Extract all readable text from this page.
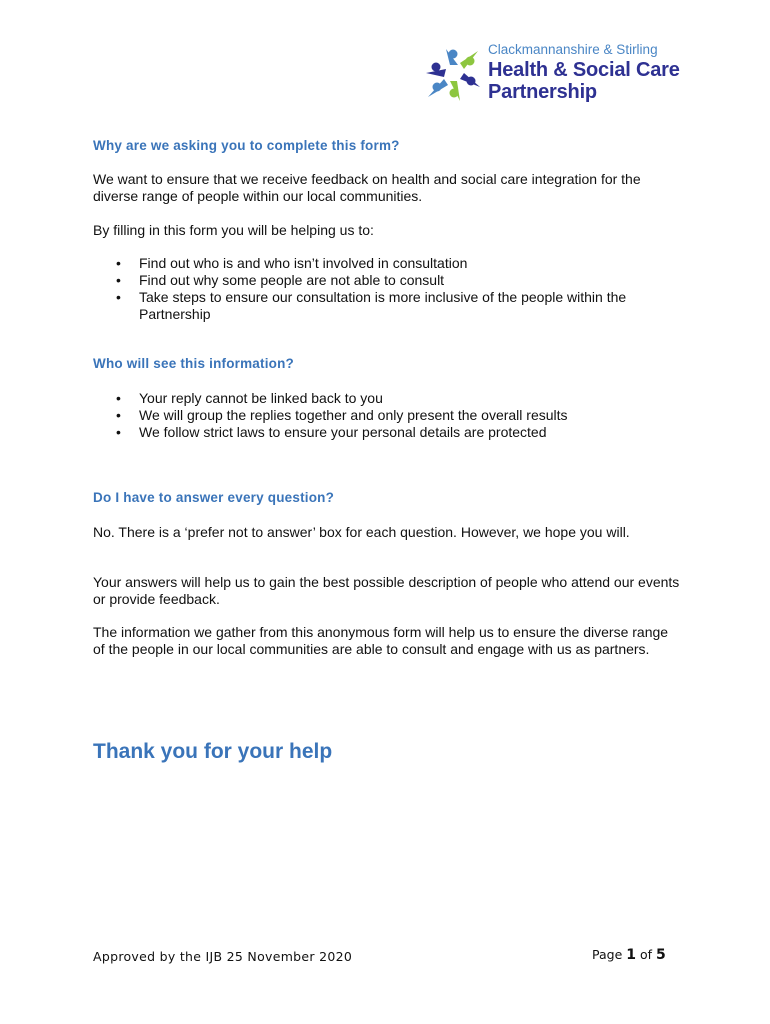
Clackmannanshire & Stirling
Health & Social Care
Partnership
Why are we asking you to complete this form?
We want to ensure that we receive feedback on health and social care integration for the diverse range of people within our local communities.
By filling in this form you will be helping us to:
• Find out who is and who isn’t involved in consultation
• Find out why some people are not able to consult
• Take steps to ensure our consultation is more inclusive of the people within the Partnership
Who will see this information?
• Your reply cannot be linked back to you
• We will group the replies together and only present the overall results
• We follow strict laws to ensure your personal details are protected
Do I have to answer every question?
No. There is a ‘prefer not to answer’ box for each question. However, we hope you will.
Your answers will help us to gain the best possible description of people who attend our events or provide feedback.
The information we gather from this anonymous form will help us to ensure the diverse range of the people in our local communities are able to consult and engage with us as partners.
Thank you for your help
Approved by the IJB 25 November 2020	Page 1 of 5
